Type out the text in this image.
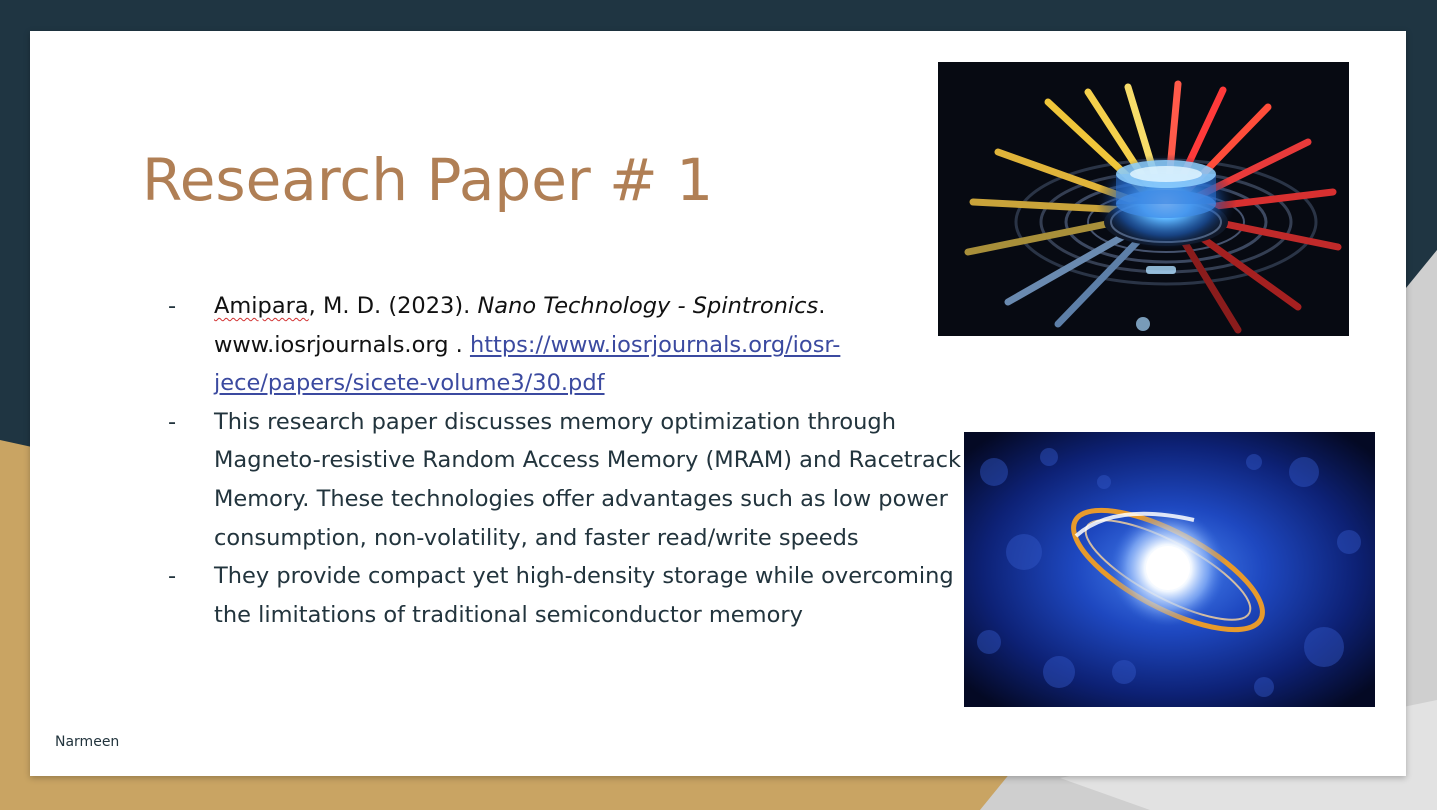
Research Paper # 1
- Amipara, M. D. (2023). Nano Technology - Spintronics. www.iosrjournals.org . https://www.iosrjournals.org/iosr-jece/papers/sicete-volume3/30.pdf
- This research paper discusses memory optimization through Magneto-resistive Random Access Memory (MRAM) and Racetrack Memory. These technologies offer advantages such as low power consumption, non-volatility, and faster read/write speeds
- They provide compact yet high-density storage while overcoming the limitations of traditional semiconductor memory
Narmeen
